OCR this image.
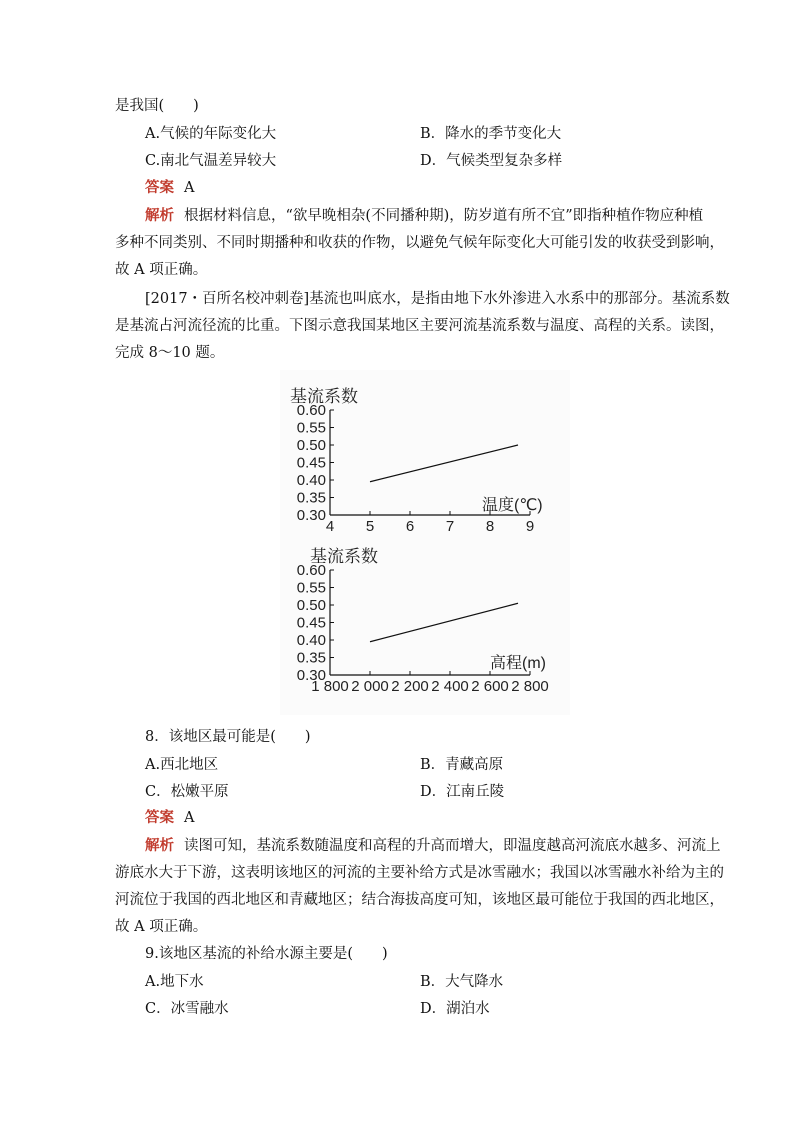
是我国(　　)
A.气候的年际变化大	B．降水的季节变化大
C.南北气温差异较大	D．气候类型复杂多样
答案 A
解析 根据材料信息，“欲早晚相杂(不同播种期)，防岁道有所不宜”即指种植作物应种植
多种不同类别、不同时期播种和收获的作物，以避免气候年际变化大可能引发的收获受到影响，
故 A 项正确。
[2017・百所名校冲刺卷]基流也叫底水，是指由地下水外渗进入水系中的那部分。基流系数
是基流占河流径流的比重。下图示意我国某地区主要河流基流系数与温度、高程的关系。读图，
完成 8～10 题。
基流系数
0.60
0.55
0.50
0.45
0.40
0.35
0.30
4 5 6 7 8 9
温度(℃)
基流系数
0.60
0.55
0.50
0.45
0.40
0.35
0.30
1 800 2 000 2 200 2 400 2 600 2 800
高程(m)
8．该地区最可能是(　　)
A.西北地区	B．青藏高原
C．松嫩平原	D．江南丘陵
答案 A
解析 读图可知，基流系数随温度和高程的升高而增大，即温度越高河流底水越多、河流上
游底水大于下游，这表明该地区的河流的主要补给方式是冰雪融水；我国以冰雪融水补给为主的
河流位于我国的西北地区和青藏地区；结合海拔高度可知，该地区最可能位于我国的西北地区，
故 A 项正确。
9.该地区基流的补给水源主要是(　　)
A.地下水	B．大气降水
C．冰雪融水	D．湖泊水
